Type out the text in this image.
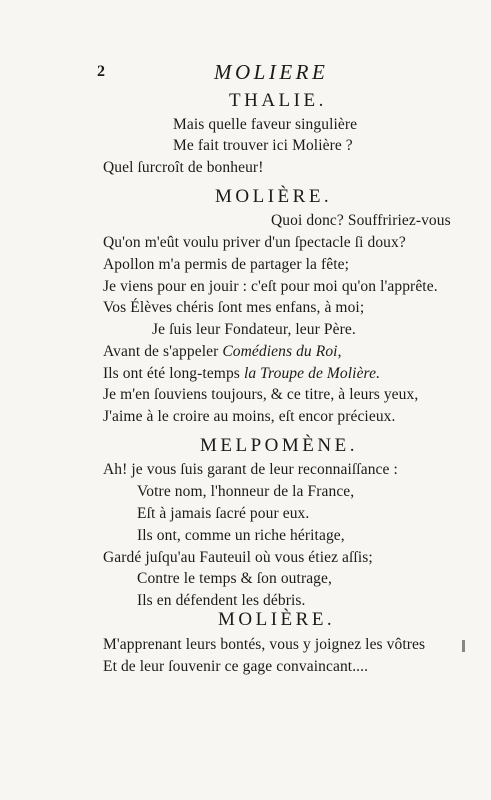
2	MOLIERE
THALIE.
Mais quelle faveur singulière
Me fait trouver ici Molière ?
Quel ſurcroît de bonheur!
MOLIÈRE.
Quoi donc? Souffririez-vous
Qu'on m'eût voulu priver d'un ſpectacle ſi doux?
Apollon m'a permis de partager la fête;
Je viens pour en jouir : c'eſt pour moi qu'on l'apprête.
Vos Élèves chéris ſont mes enfans, à moi;
Je ſuis leur Fondateur, leur Père.
Avant de s'appeler Comédiens du Roi,
Ils ont été long-temps la Troupe de Molière.
Je m'en ſouviens toujours, & ce titre, à leurs yeux,
J'aime à le croire au moins, eſt encor précieux.
MELPOMÈNE.
Ah! je vous ſuis garant de leur reconnaiſſance :
Votre nom, l'honneur de la France,
Eſt à jamais ſacré pour eux.
Ils ont, comme un riche héritage,
Gardé juſqu'au Fauteuil où vous étiez aſſis;
Contre le temps & ſon outrage,
Ils en défendent les débris.
MOLIÈRE.
M'apprenant leurs bontés, vous y joignez les vôtres
Et de leur ſouvenir ce gage convaincant....
